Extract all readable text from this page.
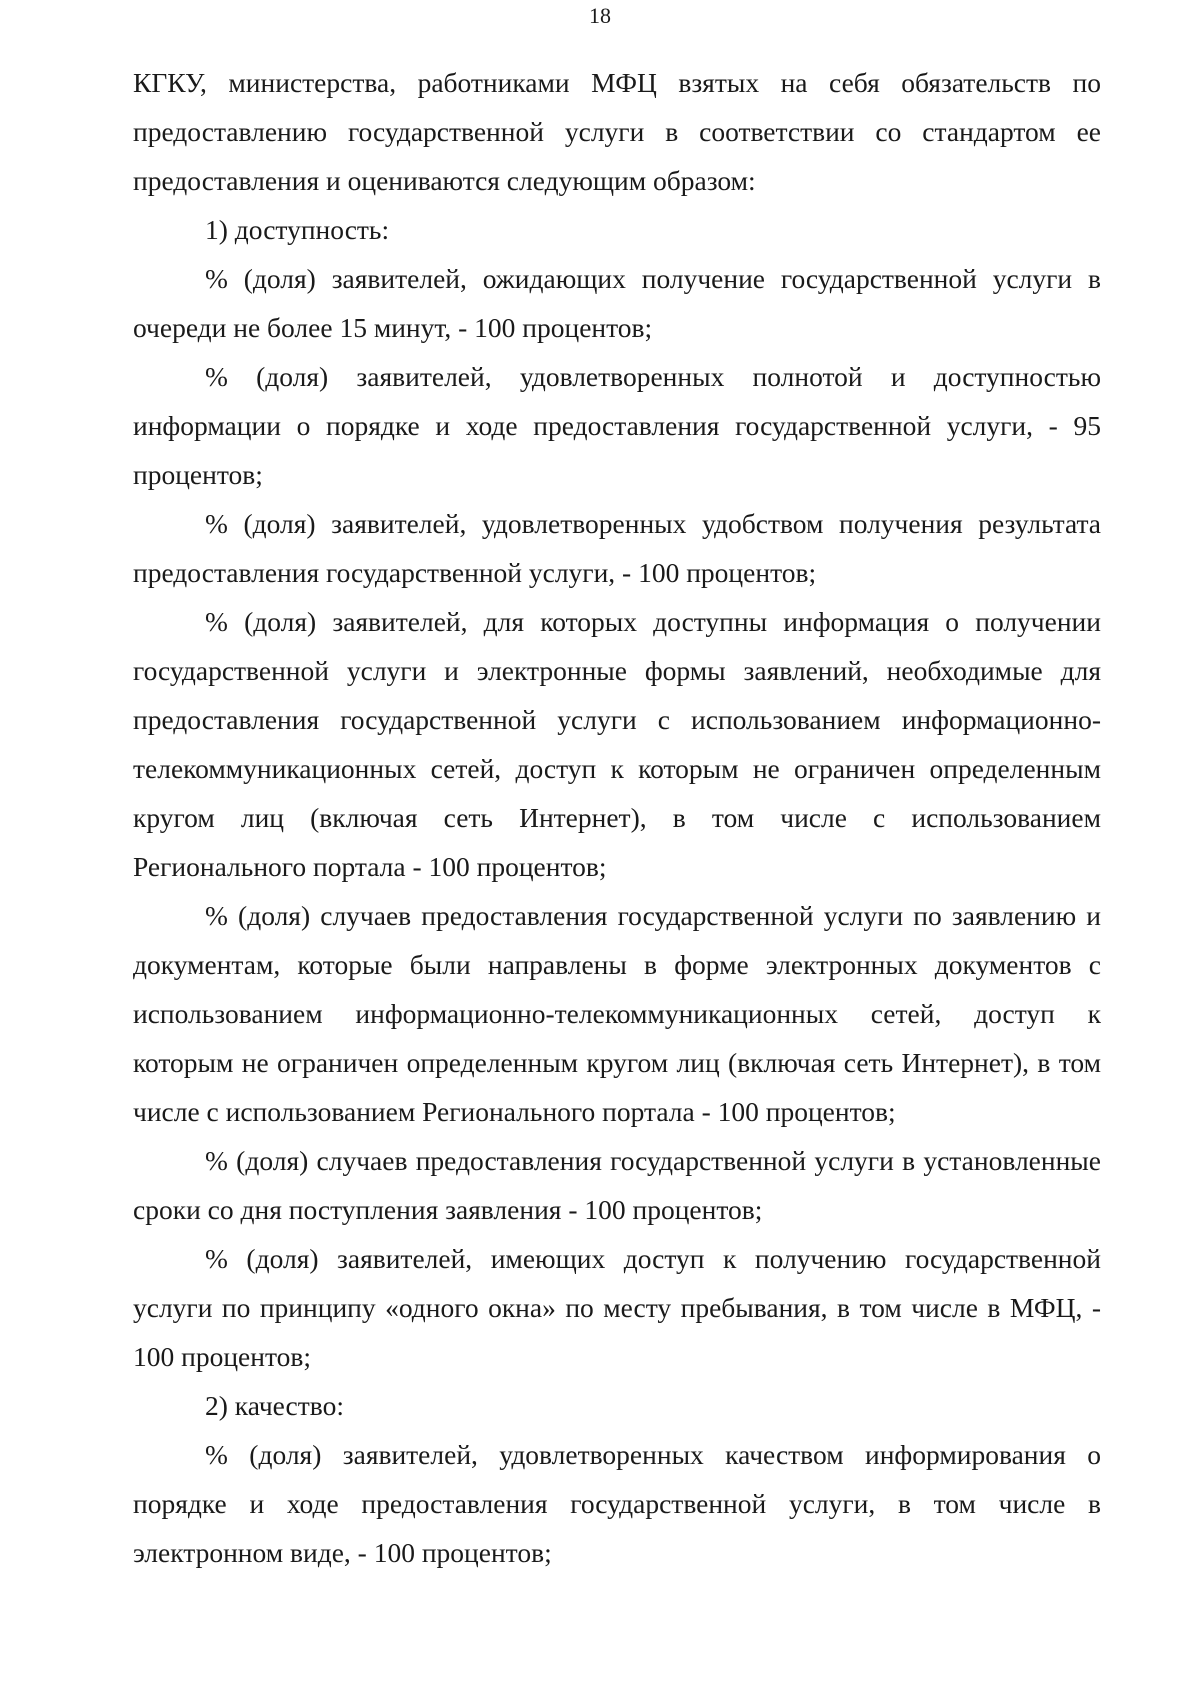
18

КГКУ, министерства, работниками МФЦ взятых на себя обязательств по предоставлению государственной услуги в соответствии со стандартом ее предоставления и оцениваются следующим образом:

1) доступность:

% (доля) заявителей, ожидающих получение государственной услуги в очереди не более 15 минут, - 100 процентов;

% (доля) заявителей, удовлетворенных полнотой и доступностью информации о порядке и ходе предоставления государственной услуги, - 95 процентов;

% (доля) заявителей, удовлетворенных удобством получения результата предоставления государственной услуги, - 100 процентов;

% (доля) заявителей, для которых доступны информация о получении государственной услуги и электронные формы заявлений, необходимые для предоставления государственной услуги с использованием информационно-телекоммуникационных сетей, доступ к которым не ограничен определенным кругом лиц (включая сеть Интернет), в том числе с использованием Регионального портала - 100 процентов;

% (доля) случаев предоставления государственной услуги по заявлению и документам, которые были направлены в форме электронных документов с использованием информационно-телекоммуникационных сетей, доступ к которым не ограничен определенным кругом лиц (включая сеть Интернет), в том числе с использованием Регионального портала - 100 процентов;

% (доля) случаев предоставления государственной услуги в установленные сроки со дня поступления заявления - 100 процентов;

% (доля) заявителей, имеющих доступ к получению государственной услуги по принципу «одного окна» по месту пребывания, в том числе в МФЦ, - 100 процентов;

2) качество:

% (доля) заявителей, удовлетворенных качеством информирования о порядке и ходе предоставления государственной услуги, в том числе в электронном виде, - 100 процентов;
